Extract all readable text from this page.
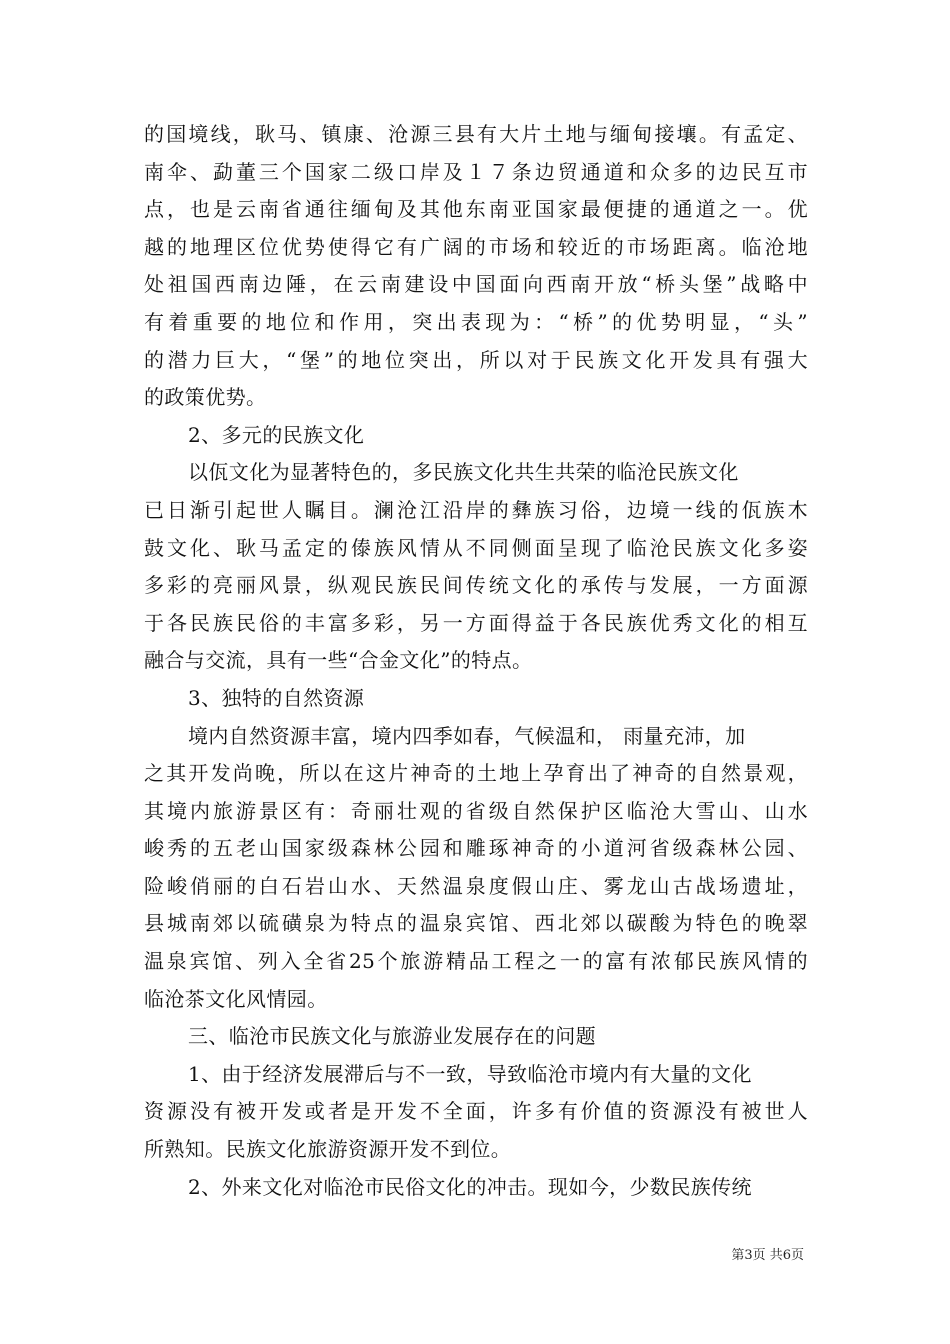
的国境线，耿马、镇康、沧源三县有大片土地与缅甸接壤。有孟定、
南伞、勐董三个国家二级口岸及１７条边贸通道和众多的边民互市
点，也是云南省通往缅甸及其他东南亚国家最便捷的通道之一。优
越的地理区位优势使得它有广阔的市场和较近的市场距离。临沧地
处祖国西南边陲，在云南建设中国面向西南开放“桥头堡”战略中
有着重要的地位和作用，突出表现为：“桥”的优势明显，“头”
的潜力巨大，“堡”的地位突出，所以对于民族文化开发具有强大
的政策优势。
2、多元的民族文化
以佤文化为显著特色的，多民族文化共生共荣的临沧民族文化
已日渐引起世人瞩目。澜沧江沿岸的彝族习俗，边境一线的佤族木
鼓文化、耿马孟定的傣族风情从不同侧面呈现了临沧民族文化多姿
多彩的亮丽风景，纵观民族民间传统文化的承传与发展，一方面源
于各民族民俗的丰富多彩，另一方面得益于各民族优秀文化的相互
融合与交流，具有一些“合金文化”的特点。
3、独特的自然资源
境内自然资源丰富，境内四季如春，气候温和， 雨量充沛，加
之其开发尚晚，所以在这片神奇的土地上孕育出了神奇的自然景观，
其境内旅游景区有：奇丽壮观的省级自然保护区临沧大雪山、山水
峻秀的五老山国家级森林公园和雕琢神奇的小道河省级森林公园、
险峻俏丽的白石岩山水、天然温泉度假山庄、雾龙山古战场遗址，
县城南郊以硫磺泉为特点的温泉宾馆、西北郊以碳酸为特色的晚翠
温泉宾馆、列入全省25个旅游精品工程之一的富有浓郁民族风情的
临沧茶文化风情园。
三、临沧市民族文化与旅游业发展存在的问题
1、由于经济发展滞后与不一致，导致临沧市境内有大量的文化
资源没有被开发或者是开发不全面，许多有价值的资源没有被世人
所熟知。民族文化旅游资源开发不到位。
2、外来文化对临沧市民俗文化的冲击。现如今，少数民族传统
第3页 共6页
